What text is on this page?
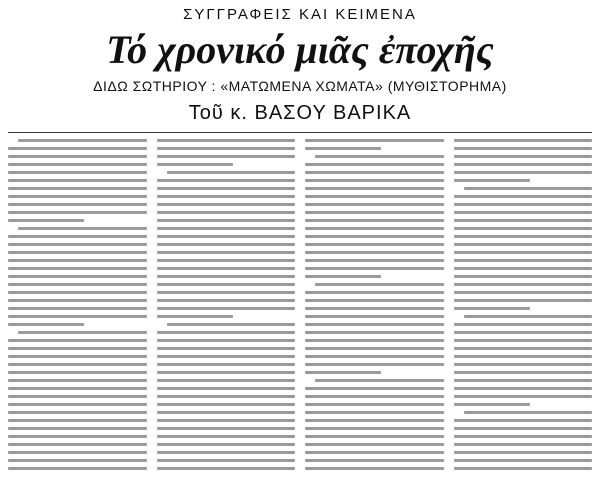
ΣΥΓΓΡΑΦΕΙΣ ΚΑΙ ΚΕΙΜΕΝΑ
Τό χρονικό μιᾶς ἐποχῆς
ΔΙΔΩ ΣΩΤΗΡΙΟΥ : «ΜΑΤΩΜΕΝΑ ΧΩΜΑΤΑ» (ΜΥΘΙΣΤΟΡΗΜΑ)
Τοῦ κ. ΒΑΣΟΥ ΒΑΡΙΚΑ
